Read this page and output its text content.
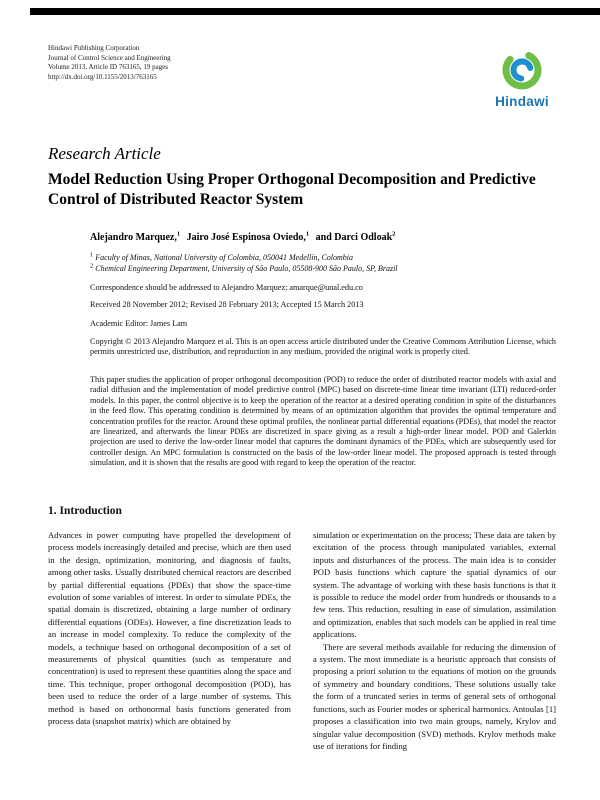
Hindawi Publishing Corporation
Journal of Control Science and Engineering
Volume 2013, Article ID 763165, 19 pages
http://dx.doi.org/10.1155/2013/763165
Hindawi
Research Article
Model Reduction Using Proper Orthogonal Decomposition and Predictive Control of Distributed Reactor System

Alejandro Marquez,$^1$ Jairo José Espinosa Oviedo,$^1$ and Darci Odloak$^2$

$^1$ Faculty of Minas, National University of Colombia, 050041 Medellín, Colombia
$^2$ Chemical Engineering Department, University of São Paulo, 05508-900 São Paulo, SP, Brazil

Correspondence should be addressed to Alejandro Marquez; amarque@unal.edu.co

Received 28 November 2012; Revised 28 February 2013; Accepted 15 March 2013

Academic Editor: James Lam

Copyright © 2013 Alejandro Marquez et al. This is an open access article distributed under the Creative Commons Attribution License, which permits unrestricted use, distribution, and reproduction in any medium, provided the original work is properly cited.

This paper studies the application of proper orthogonal decomposition (POD) to reduce the order of distributed reactor models with axial and radial diffusion and the implementation of model predictive control (MPC) based on discrete-time linear time invariant (LTI) reduced-order models. In this paper, the control objective is to keep the operation of the reactor at a desired operating condition in spite of the disturbances in the feed flow. This operating condition is determined by means of an optimization algorithm that provides the optimal temperature and concentration profiles for the reactor. Around these optimal profiles, the nonlinear partial differential equations (PDEs), that model the reactor are linearized, and afterwards the linear PDEs are discretized in space giving as a result a high-order linear model. POD and Galerkin projection are used to derive the low-order linear model that captures the dominant dynamics of the PDEs, which are subsequently used for controller design. An MPC formulation is constructed on the basis of the low-order linear model. The proposed approach is tested through simulation, and it is shown that the results are good with regard to keep the operation of the reactor.

1. Introduction

Advances in power computing have propelled the development of process models increasingly detailed and precise, which are then used in the design, optimization, monitoring, and diagnosis of faults, among other tasks. Usually distributed chemical reactors are described by partial differential equations (PDEs) that show the space-time evolution of some variables of interest. In order to simulate PDEs, the spatial domain is discretized, obtaining a large number of ordinary differential equations (ODEs). However, a fine discretization leads to an increase in model complexity. To reduce the complexity of the models, a technique based on orthogonal decomposition of a set of measurements of physical quantities (such as temperature and concentration) is used to represent these quantities along the space and time. This technique, proper orthogonal decomposition (POD), has been used to reduce the order of a large number of systems. This method is based on orthonormal basis functions generated from process data (snapshot matrix) which are obtained by

simulation or experimentation on the process; These data are taken by excitation of the process through manipulated variables, external inputs and disturbances of the process. The main idea is to consider POD basis functions which capture the spatial dynamics of our system. The advantage of working with these basis functions is that it is possible to reduce the model order from hundreds or thousands to a few tens. This reduction, resulting in ease of simulation, assimilation and optimization, enables that such models can be applied in real time applications.

There are several methods available for reducing the dimension of a system. The most immediate is a heuristic approach that consists of proposing a priori solution to the equations of motion on the grounds of symmetry and boundary conditions. These solutions usually take the form of a truncated series in terms of general sets of orthogonal functions, such as Fourier modes or spherical harmonics. Antoulas [1] proposes a classification into two main groups, namely, Krylov and singular value decomposition (SVD) methods. Krylov methods make use of iterations for finding
